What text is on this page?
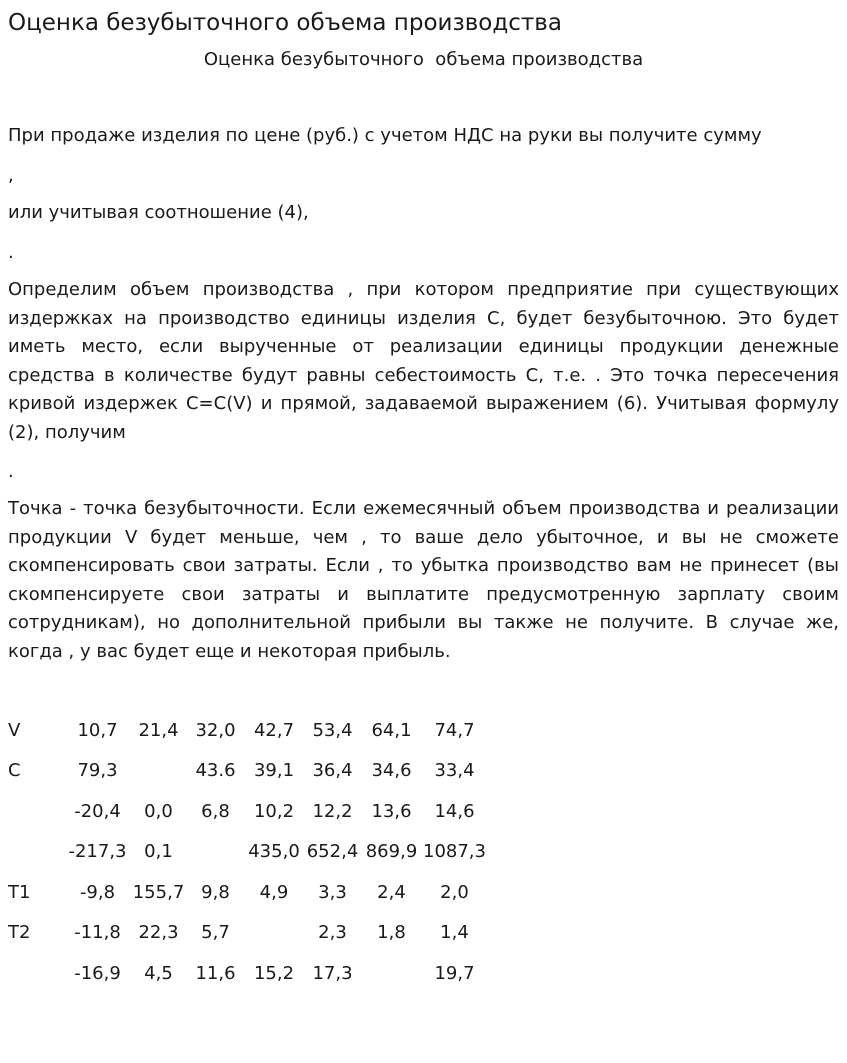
Оценка безубыточного объема производства
Оценка безубыточного  объема производства

При продаже изделия по цене (руб.) с учетом НДС на руки вы получите сумму

,

или учитывая соотношение (4),

.

Определим объем производства , при котором предприятие при существующих издержках на производство единицы изделия С, будет безубыточною. Это будет иметь место, если вырученные от реализации единицы продукции денежные средства в количестве будут равны себестоимость С, т.е. . Это точка пересечения кривой издержек С=С(V) и прямой, задаваемой выражением (6). Учитывая формулу (2), получим

.

Точка - точка безубыточности. Если ежемесячный объем производства и реализации продукции V будет меньше, чем , то ваше дело убыточное, и вы не сможете скомпенсировать свои затраты. Если , то убытка производство вам не принесет (вы скомпенсируете свои затраты и выплатите предусмотренную зарплату своим сотрудникам), но дополнительной прибыли вы также не получите. В случае же, когда , у вас будет еще и некоторая прибыль.

V	10,7	21,4	32,0	42,7	53,4	64,1	74,7
C	79,3		43.6	39,1	36,4	34,6	33,4
	-20,4	0,0	6,8	10,2	12,2	13,6	14,6
	-217,3	0,1		435,0	652,4	869,9	1087,3
T1	-9,8	155,7	9,8	4,9	3,3	2,4	2,0
T2	-11,8	22,3	5,7		2,3	1,8	1,4
	-16,9	4,5	11,6	15,2	17,3		19,7
